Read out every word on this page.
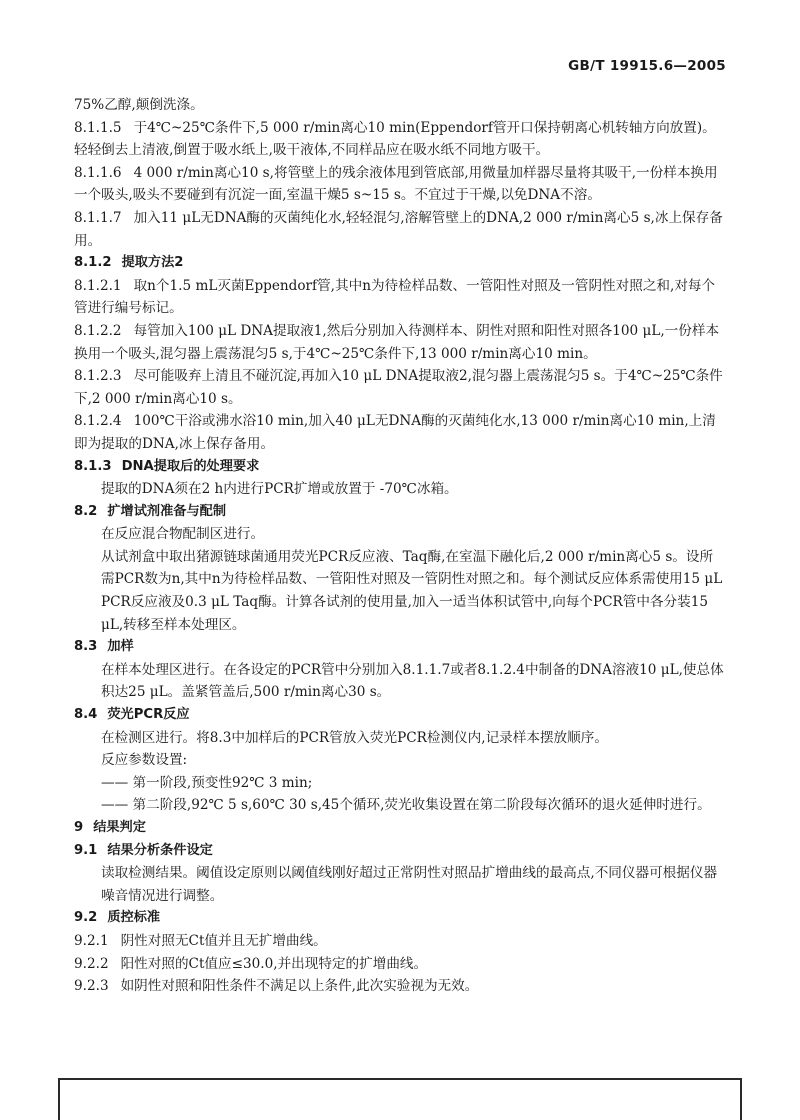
GB/T 19915.6—2005

75%乙醇,颠倒洗涤。

8.1.1.5 于4℃~25℃条件下,5 000 r/min离心10 min(Eppendorf管开口保持朝离心机转轴方向放置)。轻轻倒去上清液,倒置于吸水纸上,吸干液体,不同样品应在吸水纸不同地方吸干。

8.1.1.6 4 000 r/min离心10 s,将管壁上的残余液体甩到管底部,用微量加样器尽量将其吸干,一份样本换用一个吸头,吸头不要碰到有沉淀一面,室温干燥5 s~15 s。不宜过于干燥,以免DNA不溶。

8.1.1.7 加入11 μL无DNA酶的灭菌纯化水,轻轻混匀,溶解管壁上的DNA,2 000 r/min离心5 s,冰上保存备用。

8.1.2 提取方法2

8.1.2.1 取n个1.5 mL灭菌Eppendorf管,其中n为待检样品数、一管阳性对照及一管阴性对照之和,对每个管进行编号标记。

8.1.2.2 每管加入100 μL DNA提取液1,然后分别加入待测样本、阴性对照和阳性对照各100 μL,一份样本换用一个吸头,混匀器上震荡混匀5 s,于4℃~25℃条件下,13 000 r/min离心10 min。

8.1.2.3 尽可能吸弃上清且不碰沉淀,再加入10 μL DNA提取液2,混匀器上震荡混匀5 s。于4℃~25℃条件下,2 000 r/min离心10 s。

8.1.2.4 100℃干浴或沸水浴10 min,加入40 μL无DNA酶的灭菌纯化水,13 000 r/min离心10 min,上清即为提取的DNA,冰上保存备用。

8.1.3 DNA提取后的处理要求

提取的DNA须在2 h内进行PCR扩增或放置于 -70℃冰箱。

8.2 扩增试剂准备与配制

在反应混合物配制区进行。

从试剂盒中取出猪源链球菌通用荧光PCR反应液、Taq酶,在室温下融化后,2 000 r/min离心5 s。设所需PCR数为n,其中n为待检样品数、一管阳性对照及一管阴性对照之和。每个测试反应体系需使用15 μL PCR反应液及0.3 μL Taq酶。计算各试剂的使用量,加入一适当体积试管中,向每个PCR管中各分装15 μL,转移至样本处理区。

8.3 加样

在样本处理区进行。在各设定的PCR管中分别加入8.1.1.7或者8.1.2.4中制备的DNA溶液10 μL,使总体积达25 μL。盖紧管盖后,500 r/min离心30 s。

8.4 荧光PCR反应

在检测区进行。将8.3中加样后的PCR管放入荧光PCR检测仪内,记录样本摆放顺序。

反应参数设置:

—— 第一阶段,预变性92℃ 3 min;

—— 第二阶段,92℃ 5 s,60℃ 30 s,45个循环,荧光收集设置在第二阶段每次循环的退火延伸时进行。

9 结果判定

9.1 结果分析条件设定

读取检测结果。阈值设定原则以阈值线刚好超过正常阴性对照品扩增曲线的最高点,不同仪器可根据仪器噪音情况进行调整。

9.2 质控标准

9.2.1 阴性对照无Ct值并且无扩增曲线。

9.2.2 阳性对照的Ct值应≤30.0,并出现特定的扩增曲线。

9.2.3 如阴性对照和阳性条件不满足以上条件,此次实验视为无效。
